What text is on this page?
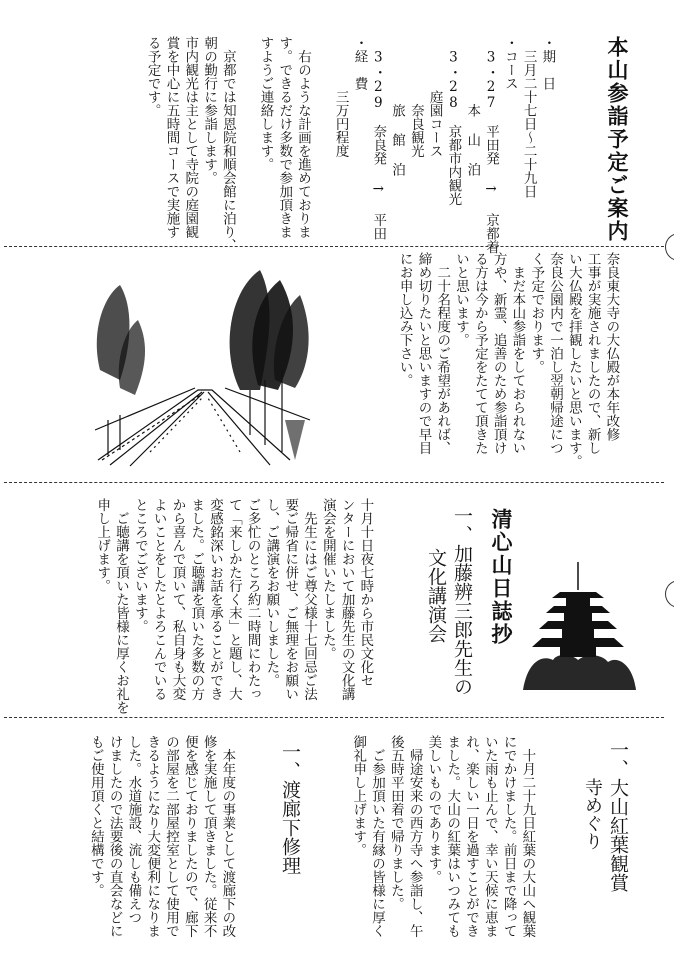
本山参詣予定ご案内

・期　日
　三月二十七日〜二十九日
・コース
　3・27　平田発 → 京都着
　　　　　本 山 泊
　3・28　京都市内観光
　　　　庭園コース
　　　　　奈良観光
　　　　　旅 館 泊
　3・29　奈良発 → 平田
・経　費
　　　　三万円程度

　右のような計画を進めておりま
す。できるだけ多数で参加頂きま
すようご連絡します。

　京都では知恩院和順会館に泊り、
朝の勤行に参詣します。
市内観光は主として寺院の庭園観
賞を中心に五時間コースで実施す
る予定です。

奈良東大寺の大仏殿が本年改修
工事が実施されましたので、新し
い大仏殿を拝観したいと思います。
奈良公園内で一泊し翌朝帰途につ
く予定でおります。
　まだ本山参詣をしておられない
方や、新霊、追善のため参詣頂け
る方は今から予定をたてて頂きた
いと思います。
　二十名程度のご希望があれば、
締め切りたいと思いますので早目
にお申し込み下さい。

清心山日誌抄
一、加藤辨三郎先生の
文化講演会

十月十日夜七時から市民文化セ
ンターにおいて加藤先生の文化講
演会を開催いたしました。
　先生にはご尊父様十七回忌ご法
要ご帰省に併せ、ご無理をお願い
し、ご講演をお願いしました。
ご多忙のところ約二時間にわたっ
て「来しかた行く末」と題し、大
変感銘深いお話を承ることができ
ました。ご聴講を頂いた多数の方
から喜んで頂いて、私自身も大変
よいことをしたとよろこんでいる
ところでございます。
　ご聴講を頂いた皆様に厚くお礼を
申し上げます。

一、大山紅葉観賞
寺めぐり

　十月二十九日紅葉の大山へ観葉
にでかけました。前日まで降って
いた雨も止んで、幸い天候に恵ま
れ、楽しい一日を過すことができ
ました。大山の紅葉はいつみても
美しいものであります。
　帰途安来の西方寺へ参詣し、午
後五時平田着で帰りました。
　ご参加頂いた有縁の皆様に厚く
御礼申し上げます。

一、渡廊下修理

　本年度の事業として渡廊下の改
修を実施して頂きました。従来不
便を感じておりましたので、廊下
の部屋を二部屋控室として使用で
きるようになり大変便利になりま
した。水道施設、流しも備えつ
けましたので法要後の直会などに
もご使用頂くと結構です。
